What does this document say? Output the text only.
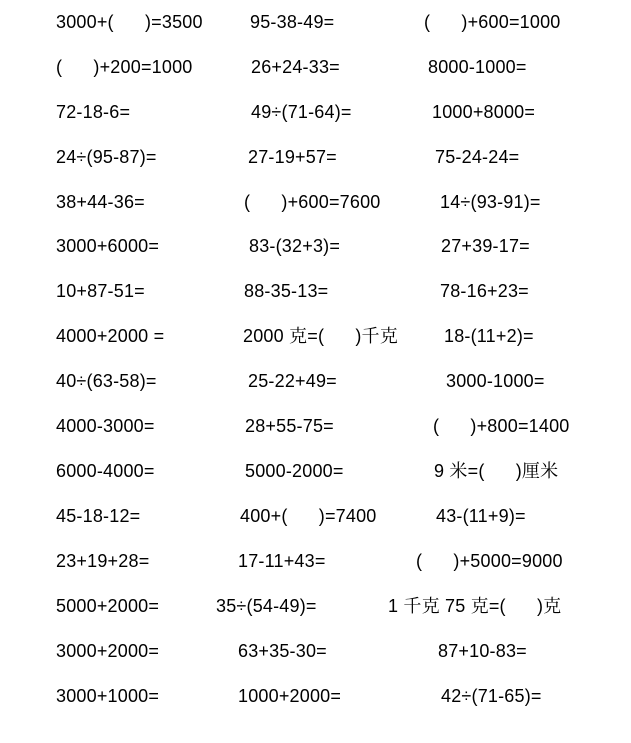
3000+(      )=3500	95-38-49=	(      )+600=1000
(      )+200=1000	26+24-33=	8000-1000=
72-18-6=	49÷(71-64)=	1000+8000=
24÷(95-87)=	27-19+57=	75-24-24=
38+44-36=	(      )+600=7600	14÷(93-91)=
3000+6000=	83-(32+3)=	27+39-17=
10+87-51=	88-35-13=	78-16+23=
4000+2000 =	2000 克=(      )千克	18-(11+2)=
40÷(63-58)=	25-22+49=	3000-1000=
4000-3000=	28+55-75=	(      )+800=1400
6000-4000=	5000-2000=	9 米=(      )厘米
45-18-12=	400+(      )=7400	43-(11+9)=
23+19+28=	17-11+43=	(      )+5000=9000
5000+2000=	35÷(54-49)=	1 千克 75 克=(      )克
3000+2000=	63+35-30=	87+10-83=
3000+1000=	1000+2000=	42÷(71-65)=
